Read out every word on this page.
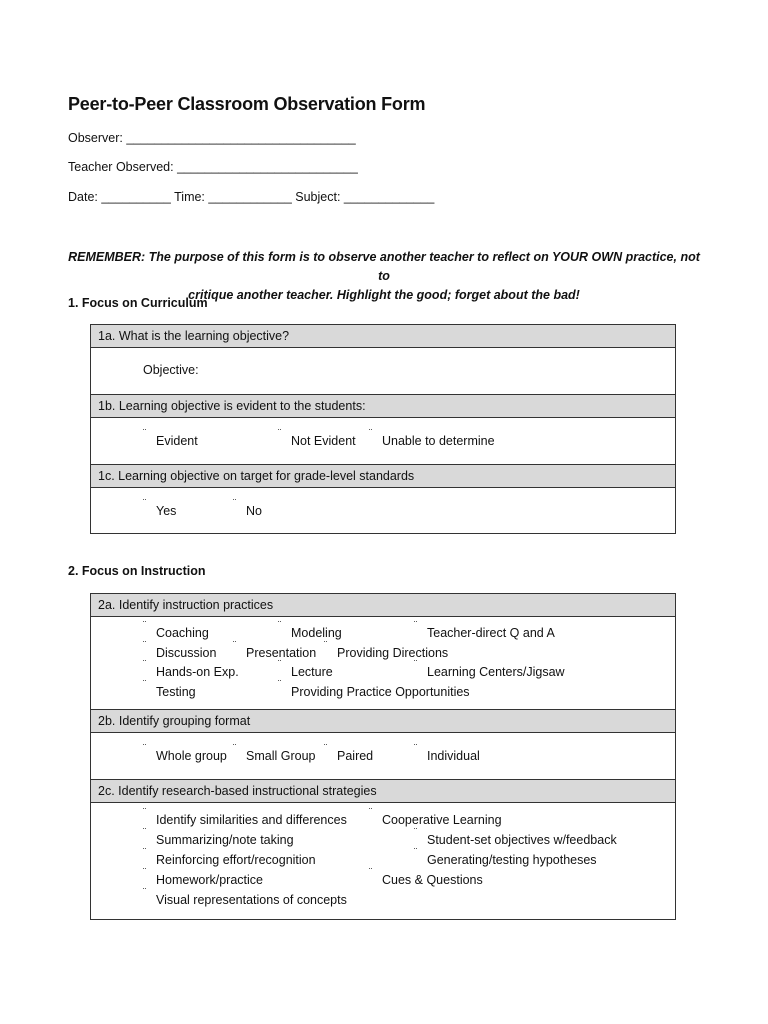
Peer-to-Peer Classroom Observation Form
Observer: _________________________________
Teacher Observed: __________________________
Date: __________ Time: ____________ Subject: _____________
REMEMBER: The purpose of this form is to observe another teacher to reflect on YOUR OWN practice, not to
critique another teacher. Highlight the good; forget about the bad!
1. Focus on Curriculum
1a. What is the learning objective?
Objective:
1b. Learning objective is evident to the students:
¨
Evident
¨
Not Evident
¨
Unable to determine
1c. Learning objective on target for grade-level standards
¨
Yes
¨
No
2. Focus on Instruction
2a. Identify instruction practices
¨
Coaching
¨
Modeling
¨
Teacher-direct Q and A
¨
Discussion
¨
Presentation
¨
Providing Directions
¨
Hands-on Exp.
¨
Lecture
¨
Learning Centers/Jigsaw
¨
Testing
¨
Providing Practice Opportunities
2b. Identify grouping format
¨
Whole group
¨
Small Group
¨
Paired
¨
Individual
2c. Identify research-based instructional strategies
¨
Identify similarities and differences
¨
Cooperative Learning
¨
Summarizing/note taking
¨
Student-set objectives w/feedback
¨
Reinforcing effort/recognition
¨
Generating/testing hypotheses
¨
Homework/practice
¨
Cues & Questions
¨
Visual representations of concepts
